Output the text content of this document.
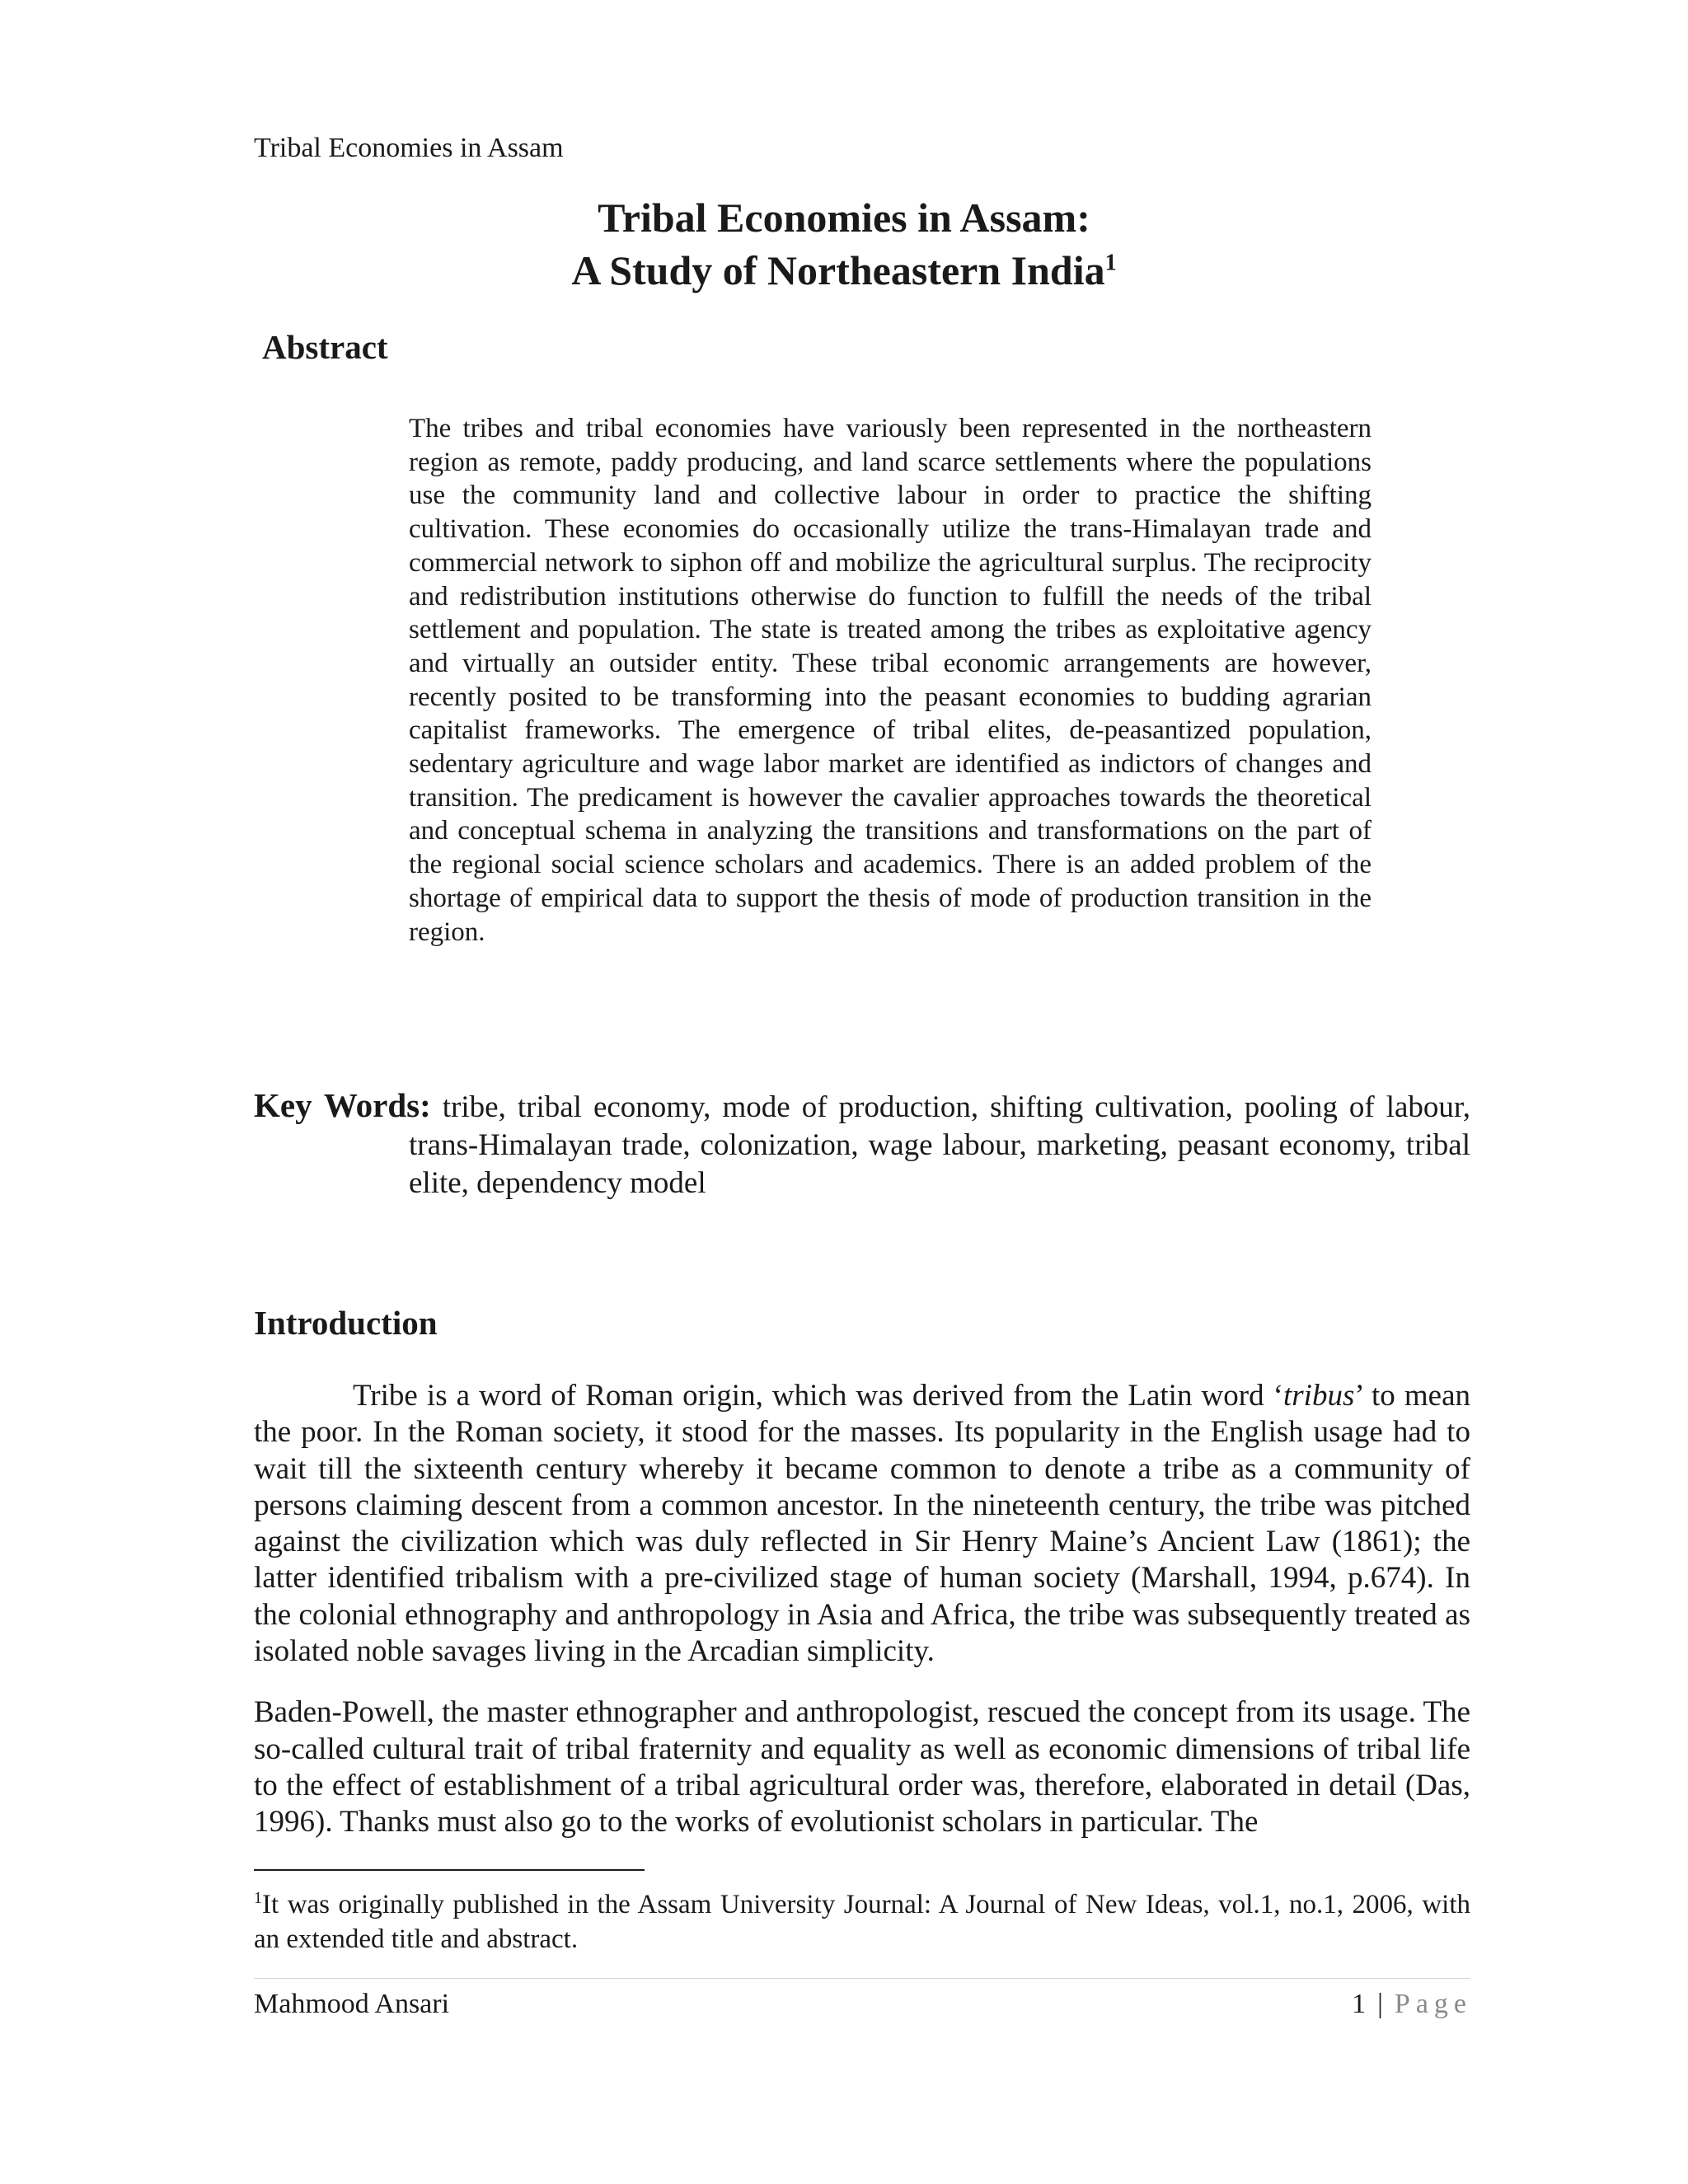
Tribal Economies in Assam
Tribal Economies in Assam:
A Study of Northeastern India$^1$
Abstract
The tribes and tribal economies have variously been represented in the northeastern region as remote, paddy producing, and land scarce settlements where the populations use the community land and collective labour in order to practice the shifting cultivation. These economies do occasionally utilize the trans-Himalayan trade and commercial network to siphon off and mobilize the agricultural surplus. The reciprocity and redistribution institutions otherwise do function to fulfill the needs of the tribal settlement and population. The state is treated among the tribes as exploitative agency and virtually an outsider entity. These tribal economic arrangements are however, recently posited to be transforming into the peasant economies to budding agrarian capitalist frameworks. The emergence of tribal elites, de-peasantized population, sedentary agriculture and wage labor market are identified as indictors of changes and transition. The predicament is however the cavalier approaches towards the theoretical and conceptual schema in analyzing the transitions and transformations on the part of the regional social science scholars and academics. There is an added problem of the shortage of empirical data to support the thesis of mode of production transition in the region.
Key Words: tribe, tribal economy, mode of production, shifting cultivation, pooling of labour, trans-Himalayan trade, colonization, wage labour, marketing, peasant economy, tribal elite, dependency model
Introduction

Tribe is a word of Roman origin, which was derived from the Latin word ‘tribus’ to mean the poor. In the Roman society, it stood for the masses. Its popularity in the English usage had to wait till the sixteenth century whereby it became common to denote a tribe as a community of persons claiming descent from a common ancestor. In the nineteenth century, the tribe was pitched against the civilization which was duly reflected in Sir Henry Maine’s Ancient Law (1861); the latter identified tribalism with a pre-civilized stage of human society (Marshall, 1994, p.674). In the colonial ethnography and anthropology in Asia and Africa, the tribe was subsequently treated as isolated noble savages living in the Arcadian simplicity.

Baden-Powell, the master ethnographer and anthropologist, rescued the concept from its usage. The so-called cultural trait of tribal fraternity and equality as well as economic dimensions of tribal life to the effect of establishment of a tribal agricultural order was, therefore, elaborated in detail (Das, 1996). Thanks must also go to the works of evolutionist scholars in particular. The

$^1$It was originally published in the Assam University Journal: A Journal of New Ideas, vol.1, no.1, 2006, with an extended title and abstract.
Mahmood Ansari	1 | Page
